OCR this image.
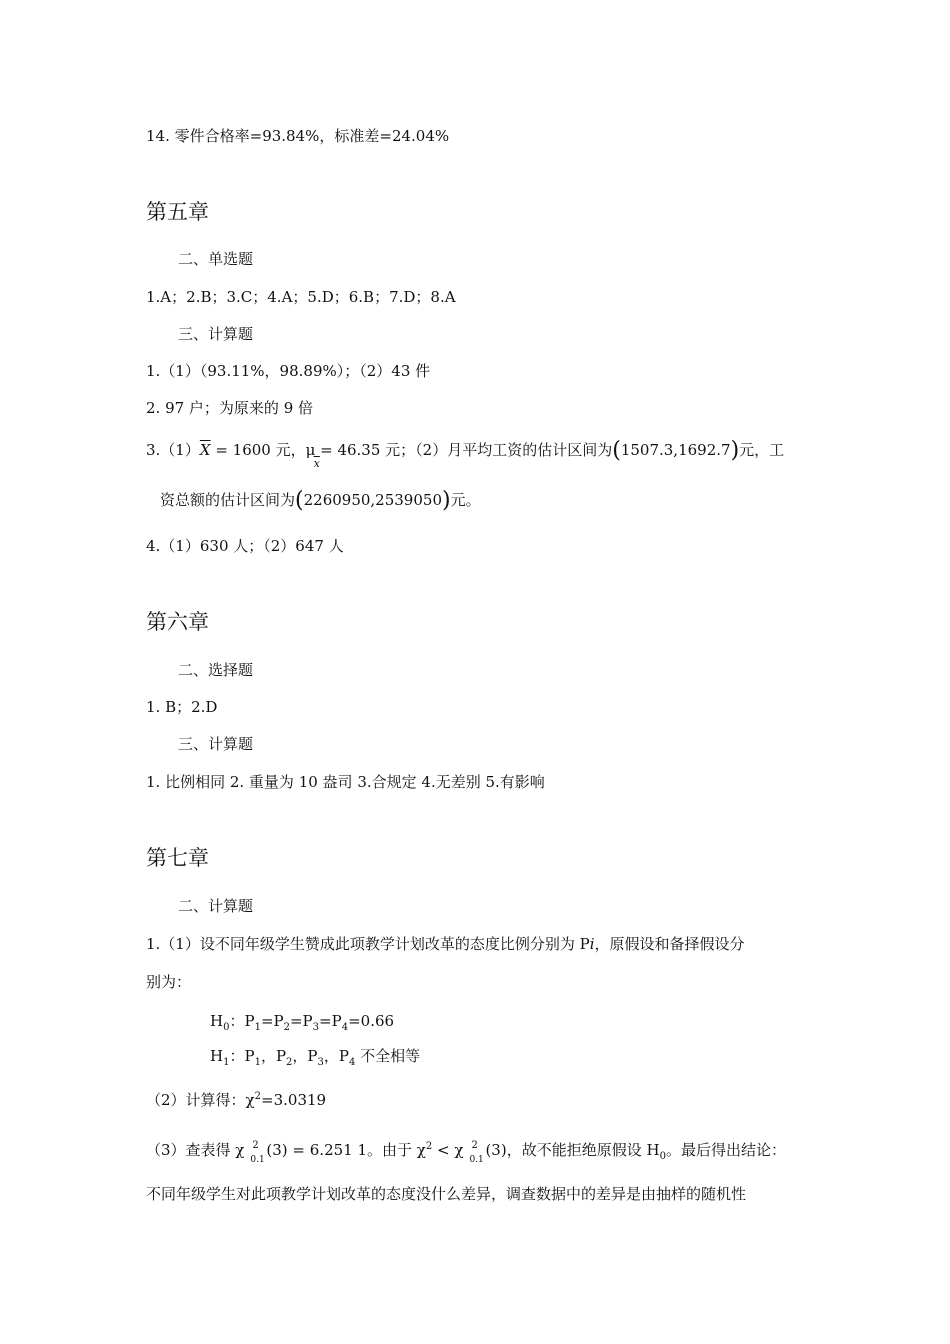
14. 零件合格率=93.84%，标准差=24.04%
第五章
二、单选题
1.A；2.B；3.C；4.A；5.D；6.B；7.D；8.A
三、计算题
1.（1）（93.11%，98.89%）；（2）43 件
2. 97 户；为原来的 9 倍
$3.(1)\overline{X} = 1600$ 元，μ
$\overline{x}$
= 46.35 元；（2）月平均工资的估计区间为(1507.3,1692.7)元，工
资总额的估计区间为(2260950,2539050)元。
4.（1）630 人；（2）647 人
第六章
二、选择题
1. B；2.D
三、计算题
1. 比例相同 2. 重量为 10 盎司 3.合规定 4.无差别 5.有影响
第七章
二、计算题
1.（1）设不同年级学生赞成此项教学计划改革的态度比例分别为 Pi，原假设和备择假设分
别为：
$H_0$：$P_1=P_2=P_3=P_4=0.66$
$H_1$：$P_1$，$P_2$，$P_3$，$P_4$ 不全相等
（2）计算得：$\chi^2=3.0319$
（3）查表得 χ 2
0.1
(3) = 6.251 1。由于 $\chi^2 < \chi$ 2
0.1
(3)，故不能拒绝原假设 $H_0$。最后得出结论：
不同年级学生对此项教学计划改革的态度没什么差异，调查数据中的差异是由抽样的随机性
